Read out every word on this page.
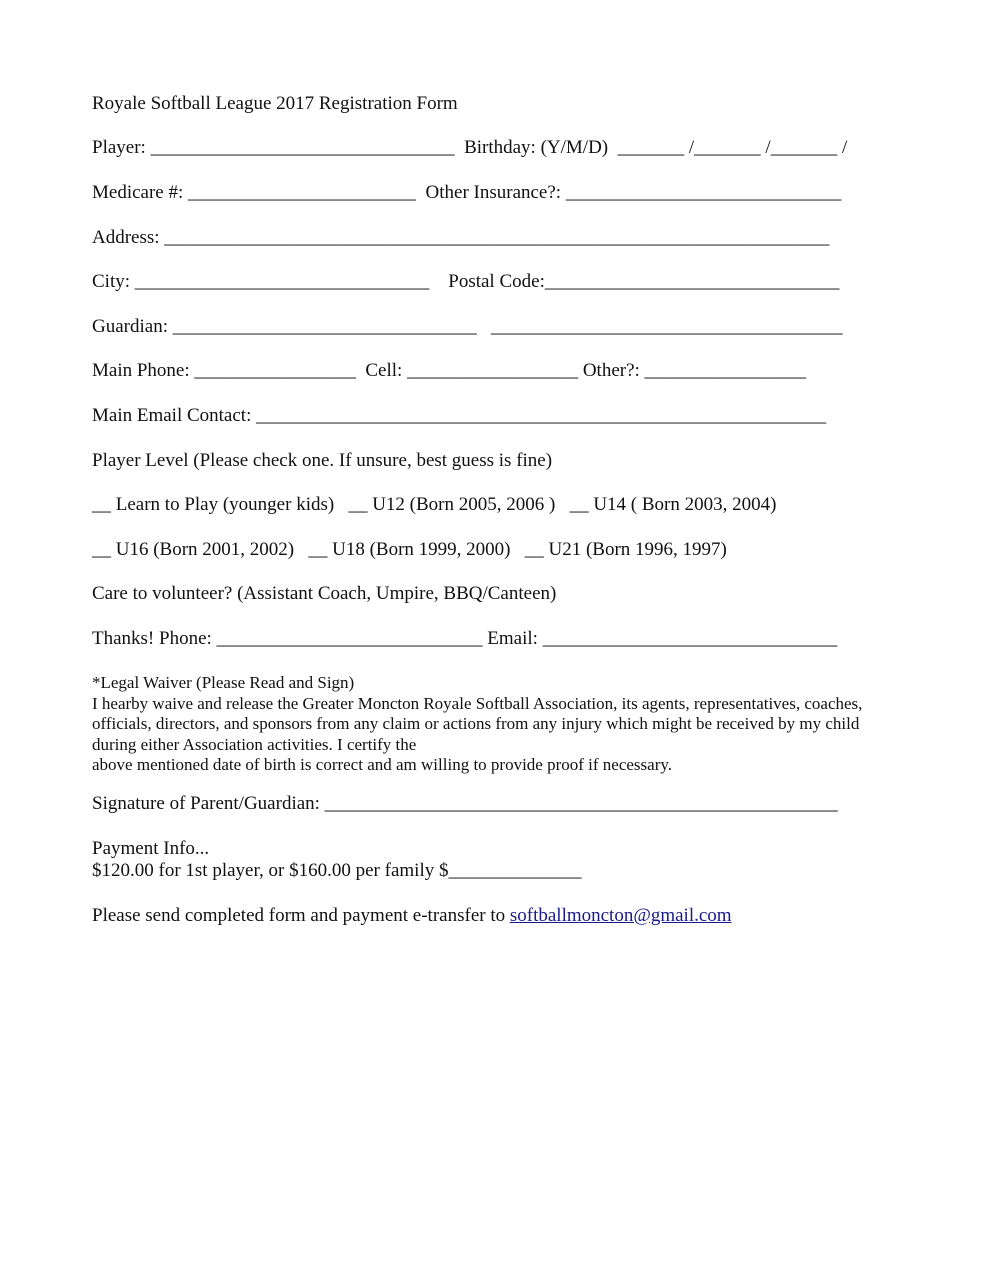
Royale Softball League 2017 Registration Form
Player: ________________________________  Birthday: (Y/M/D)  _______ /_______ /_______ /
Medicare #: ________________________  Other Insurance?: _____________________________
Address: ______________________________________________________________________
City: _______________________________    Postal Code:_______________________________
Guardian: ________________________________   _____________________________________
Main Phone: _________________  Cell: __________________ Other?: _________________
Main Email Contact: ____________________________________________________________
Player Level (Please check one. If unsure, best guess is fine)
__ Learn to Play (younger kids)   __ U12 (Born 2005, 2006 )   __ U14 ( Born 2003, 2004)
__ U16 (Born 2001, 2002)   __ U18 (Born 1999, 2000)   __ U21 (Born 1996, 1997)
Care to volunteer? (Assistant Coach, Umpire, BBQ/Canteen)
Thanks! Phone: ____________________________ Email: _______________________________
*Legal Waiver (Please Read and Sign)
I hearby waive and release the Greater Moncton Royale Softball Association, its agents, representatives, coaches,
officials, directors, and sponsors from any claim or actions from any injury which might be received by my child
during either Association activities. I certify the
above mentioned date of birth is correct and am willing to provide proof if necessary.
Signature of Parent/Guardian: ______________________________________________________
Payment Info...
$120.00 for 1st player, or $160.00 per family $______________
Please send completed form and payment e-transfer to softballmoncton@gmail.com
